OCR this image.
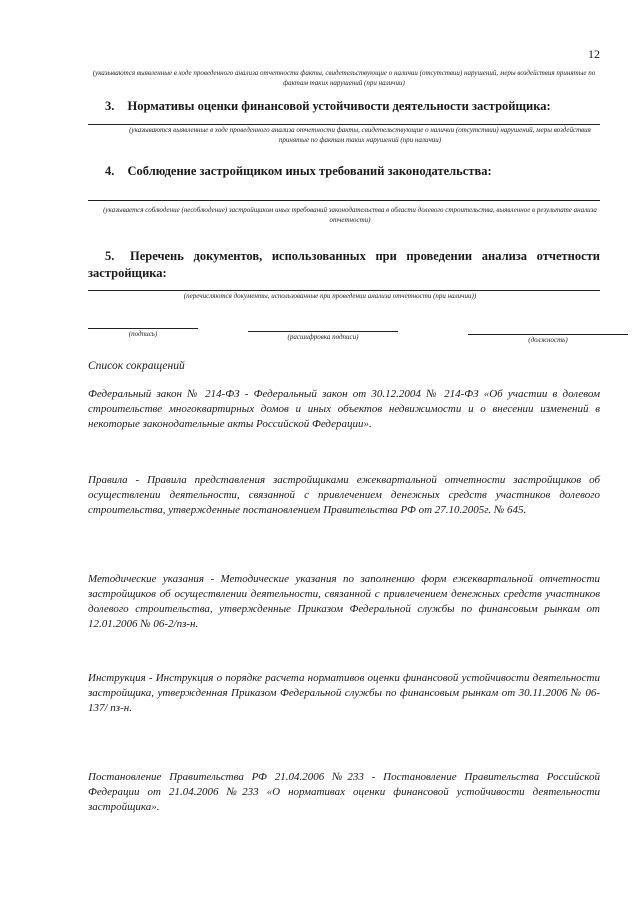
12
(указываются выявленные в ходе проведенного анализа отчетности факты, свидетельствующие о наличии (отсутствии) нарушений, меры воздействия принятые по фактам таких нарушений (при наличии)
3. Нормативы оценки финансовой устойчивости деятельности застройщика:
(указываются выявленные в ходе проведенного анализа отчетности факты, свидетельствующие о наличии (отсутствии) нарушений, меры воздействия принятые по фактам таких нарушений (при наличии)
4. Соблюдение застройщиком иных требований законодательства:
(указывается соблюдение (несоблюдение) застройщиком иных требований законодательства в области долевого строительства, выявленное в результате анализа отчетности)
5. Перечень документов, использованных при проведении анализа отчетности застройщика:
(перечисляются документы, использованные при проведении анализа отчетности (при наличии))
(подпись)	(расшифровка подписи)	(должность)
Список сокращений
Федеральный закон № 214-ФЗ - Федеральный закон от 30.12.2004 № 214-ФЗ «Об участии в долевом строительстве многоквартирных домов и иных объектов недвижимости и о внесении изменений в некоторые законодательные акты Российской Федерации».
Правила - Правила представления застройщиками ежеквартальной отчетности застройщиков об осуществлении деятельности, связанной с привлечением денежных средств участников долевого строительства, утвержденные постановлением Правительства РФ от 27.10.2005г. № 645.
Методические указания - Методические указания по заполнению форм ежеквартальной отчетности застройщиков об осуществлении деятельности, связанной с привлечением денежных средств участников долевого строительства, утвержденные Приказом Федеральной службы по финансовым рынкам от 12.01.2006 № 06-2/пз-н.
Инструкция - Инструкция о порядке расчета нормативов оценки финансовой устойчивости деятельности застройщика, утвержденная Приказом Федеральной службы по финансовым рынкам от 30.11.2006 № 06-137/ пз-н.
Постановление Правительства РФ 21.04.2006 №233 - Постановление Правительства Российской Федерации от 21.04.2006 №233 «О нормативах оценки финансовой устойчивости деятельности застройщика».
